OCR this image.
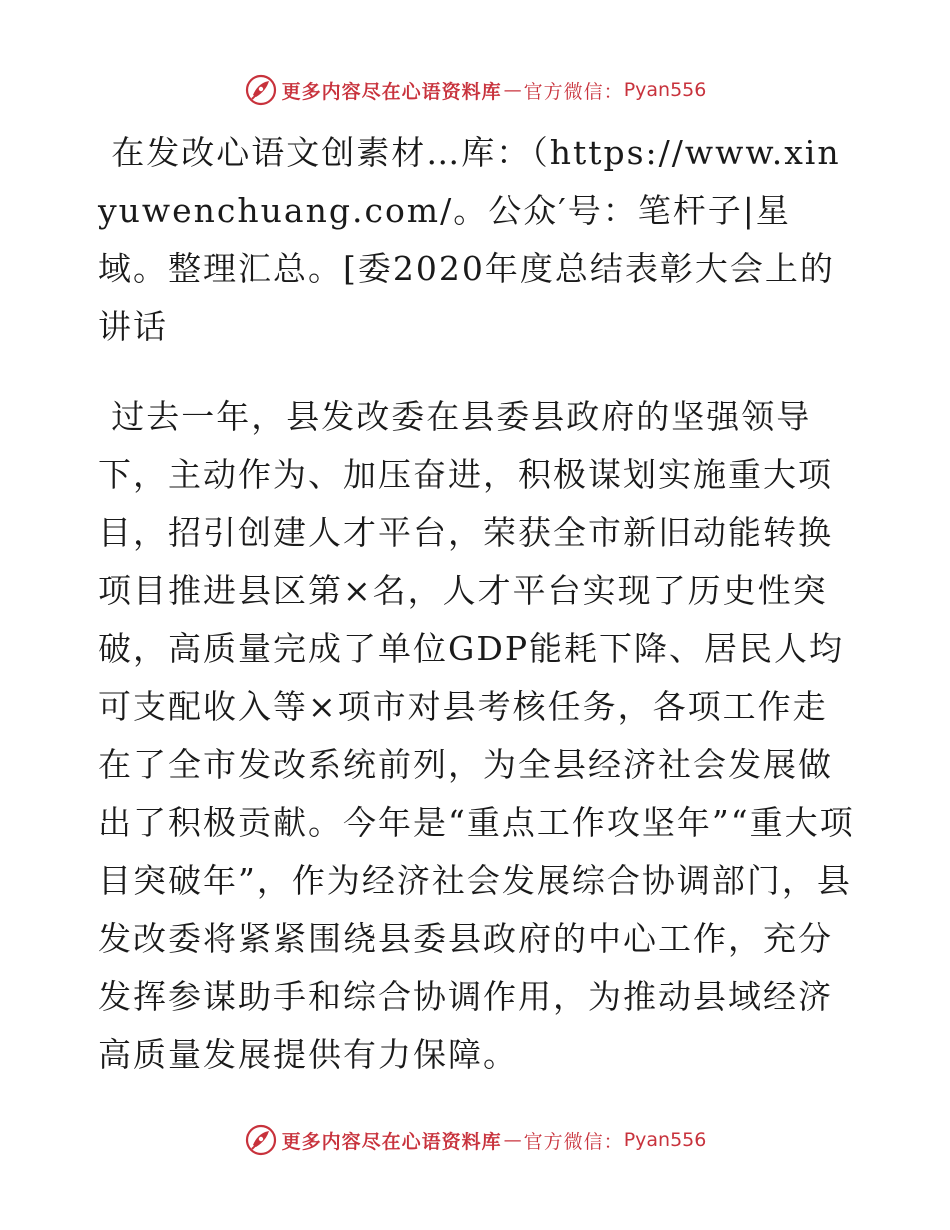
更多内容尽在心语资料库 — 官方微信： Pyan556

在发改心语文创素材…库：（https://www.xinyuwenchuang.com/。公众′号：笔杆子|星域。整理汇总。[委2020年度总结表彰大会上的讲话

过去一年，县发改委在县委县政府的坚强领导下，主动作为、加压奋进，积极谋划实施重大项目，招引创建人才平台，荣获全市新旧动能转换项目推进县区第×名，人才平台实现了历史性突破，高质量完成了单位GDP能耗下降、居民人均可支配收入等×项市对县考核任务，各项工作走在了全市发改系统前列，为全县经济社会发展做出了积极贡献。今年是“重点工作攻坚年”“重大项目突破年”，作为经济社会发展综合协调部门，县发改委将紧紧围绕县委县政府的中心工作，充分发挥参谋助手和综合协调作用，为推动县域经济高质量发展提供有力保障。

更多内容尽在心语资料库 — 官方微信： Pyan556
